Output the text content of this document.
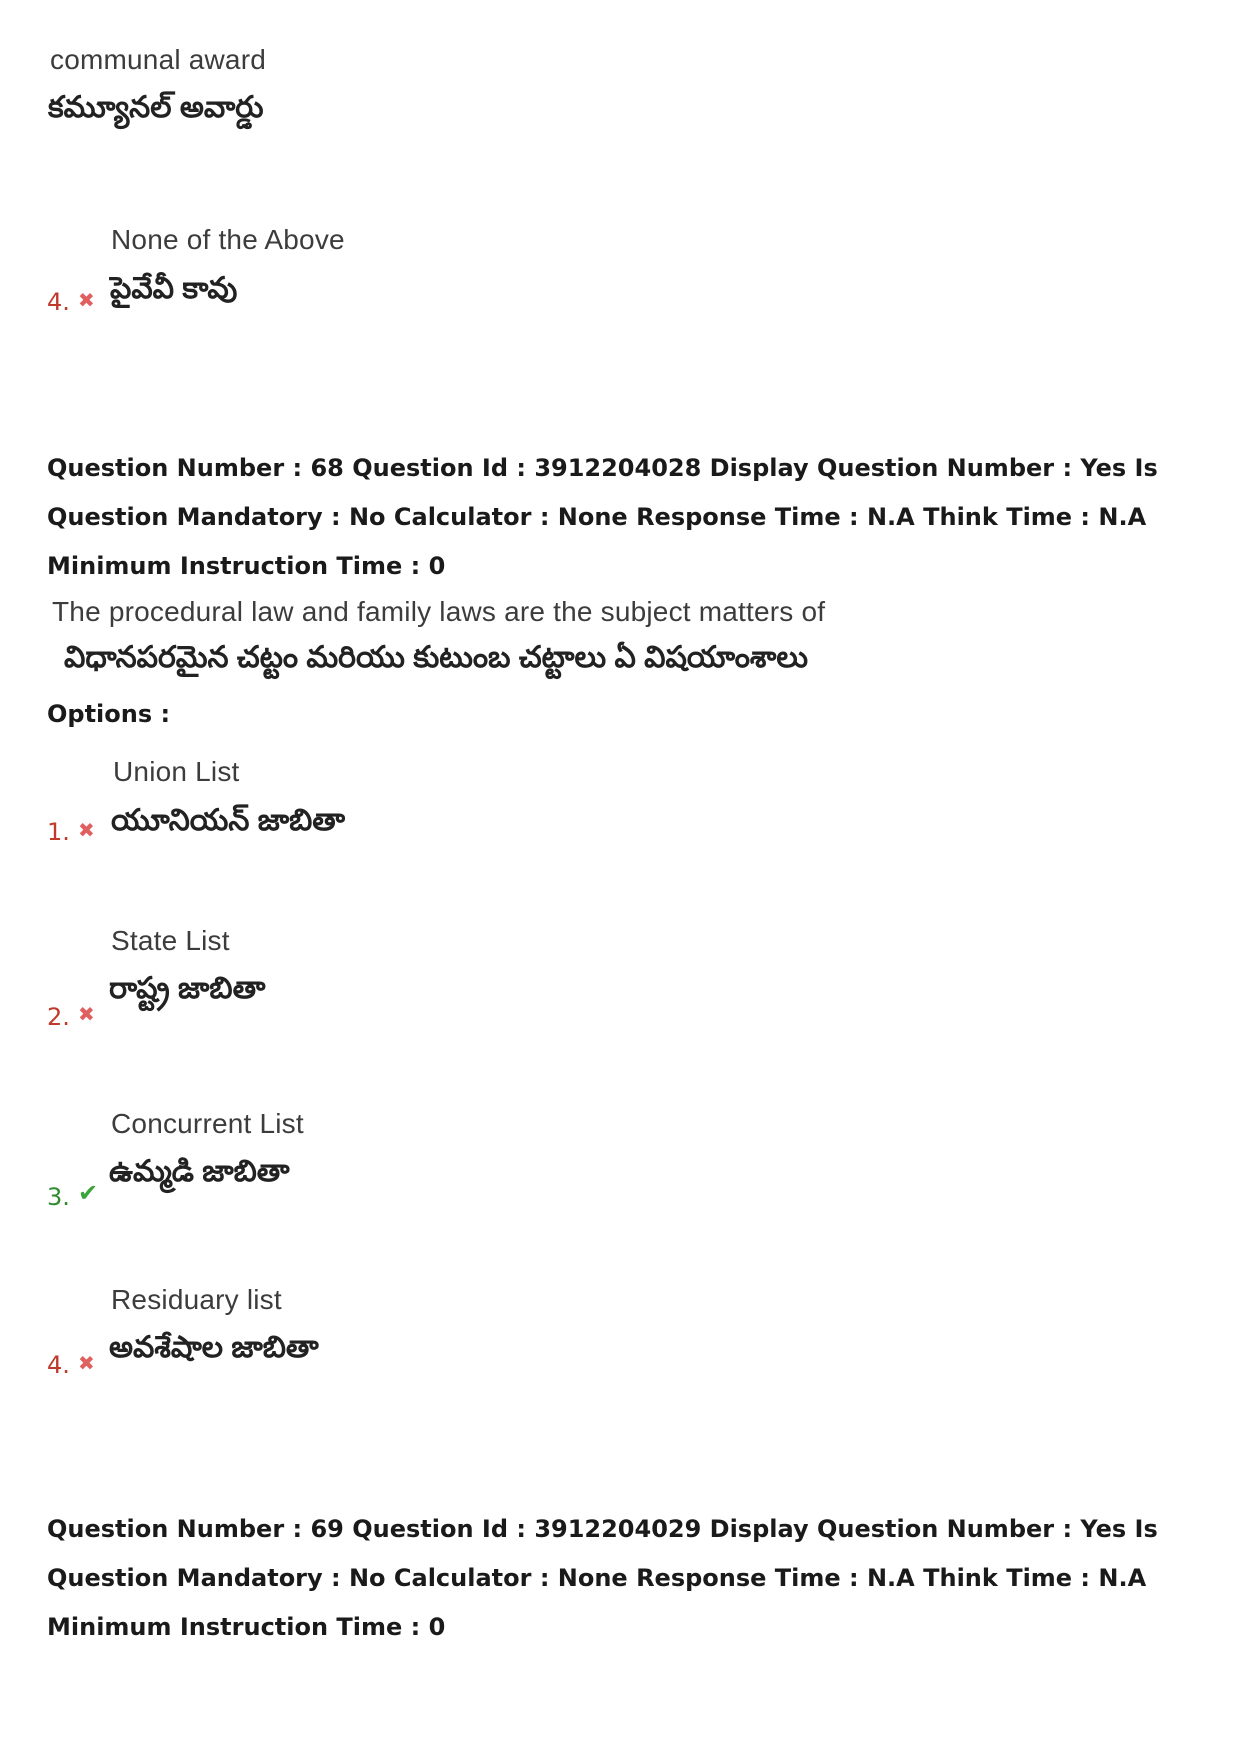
communal award
కమ్యూనల్ అవార్డు
None of the Above
పైవేవీ కావు
4. ✖
Question Number : 68 Question Id : 3912204028 Display Question Number : Yes Is Question Mandatory : No Calculator : None Response Time : N.A Think Time : N.A Minimum Instruction Time : 0
The procedural law and family laws are the subject matters of
విధానపరమైన చట్టం మరియు కుటుంబ చట్టాలు ఏ విషయాంశాలు
Options :
Union List
యూనియన్ జాబితా
1. ✖
State List
రాష్ట్ర జాబితా
2. ✖
Concurrent List
ఉమ్మడి జాబితా
3. ✔
Residuary list
అవశేషాల జాబితా
4. ✖
Question Number : 69 Question Id : 3912204029 Display Question Number : Yes Is Question Mandatory : No Calculator : None Response Time : N.A Think Time : N.A Minimum Instruction Time : 0
